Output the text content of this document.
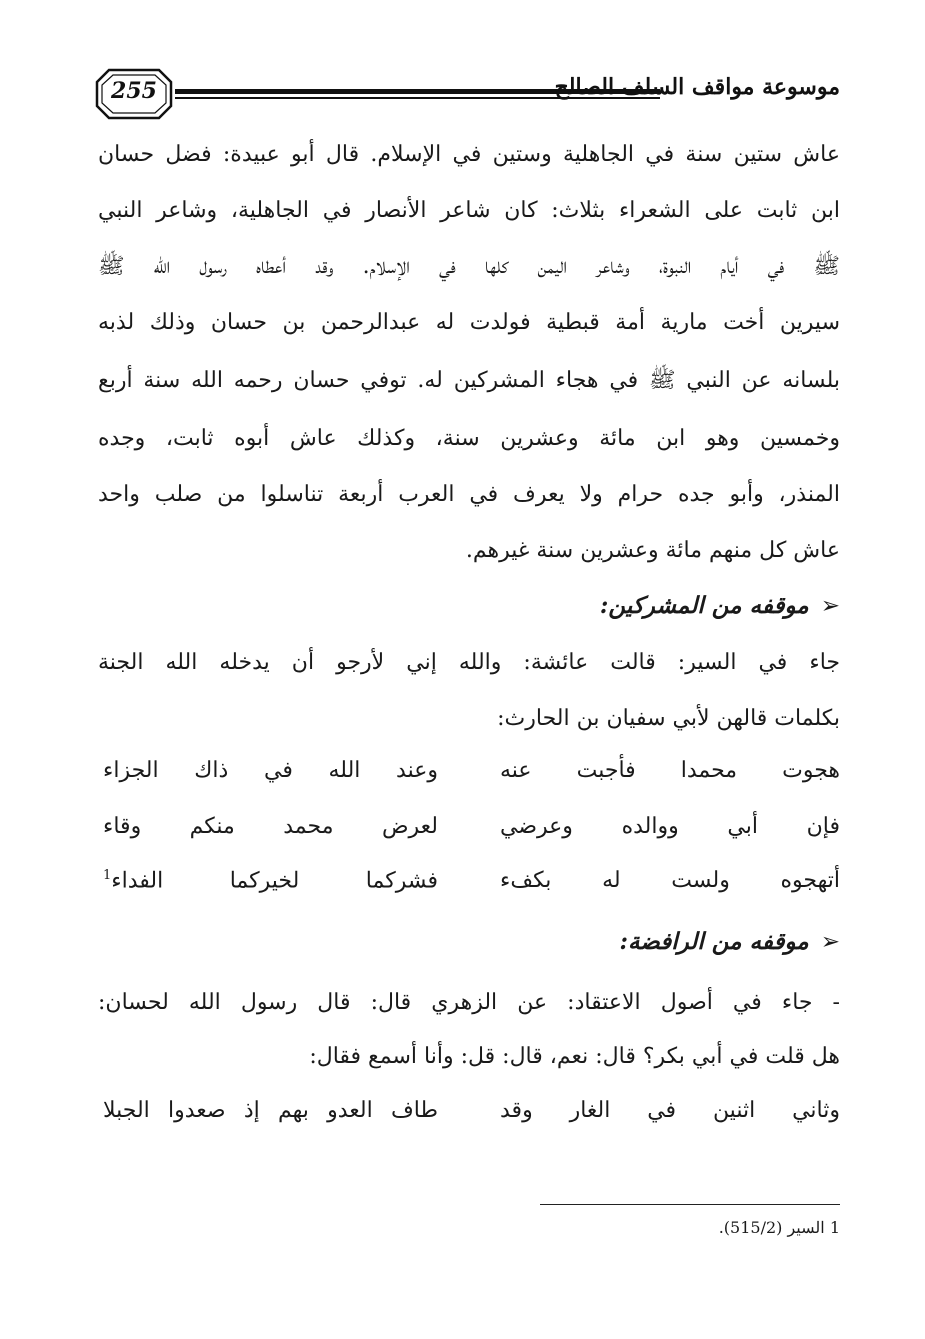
255	موسوعة مواقف السلف الصالح
عاش ستين سنة في الجاهلية وستين في الإسلام. قال أبو عبيدة: فضل حسان
ابن ثابت على الشعراء بثلاث: كان شاعر الأنصار في الجاهلية، وشاعر النبي
ﷺ في أيام النبوة، وشاعر اليمن كلها في الإسلام. وقد أعطاه رسول الله ﷺ
سيرين أخت مارية أمة قبطية فولدت له عبدالرحمن بن حسان وذلك لذبه
بلسانه عن النبي ﷺ في هجاء المشركين له. توفي حسان رحمه الله سنة أربع
وخمسين وهو ابن مائة وعشرين سنة، وكذلك عاش أبوه ثابت، وجده
المنذر، وأبو جده حرام ولا يعرف في العرب أربعة تناسلوا من صلب واحد
عاش كل منهم مائة وعشرين سنة غيرهم.
➢موقفه من المشركين:
جاء في السير: قالت عائشة: والله إني لأرجو أن يدخله الله الجنة
بكلمات قالهن لأبي سفيان بن الحارث:
هجوت محمدا فأجبت عنه
وعند الله في ذاك الجزاء
فإن أبي ووالده وعرضي
لعرض محمد منكم وقاء
أتهجوه ولست له بكفء
فشركما لخيركما الفداء$^1$
➢موقفه من الرافضة:
- جاء في أصول الاعتقاد: عن الزهري قال: قال رسول الله لحسان:
هل قلت في أبي بكر؟ قال: نعم، قال: قل: وأنا أسمع فقال:
وثاني اثنين في الغار وقد
طاف العدو بهم إذ صعدوا الجبلا
1 السير (515/2).
